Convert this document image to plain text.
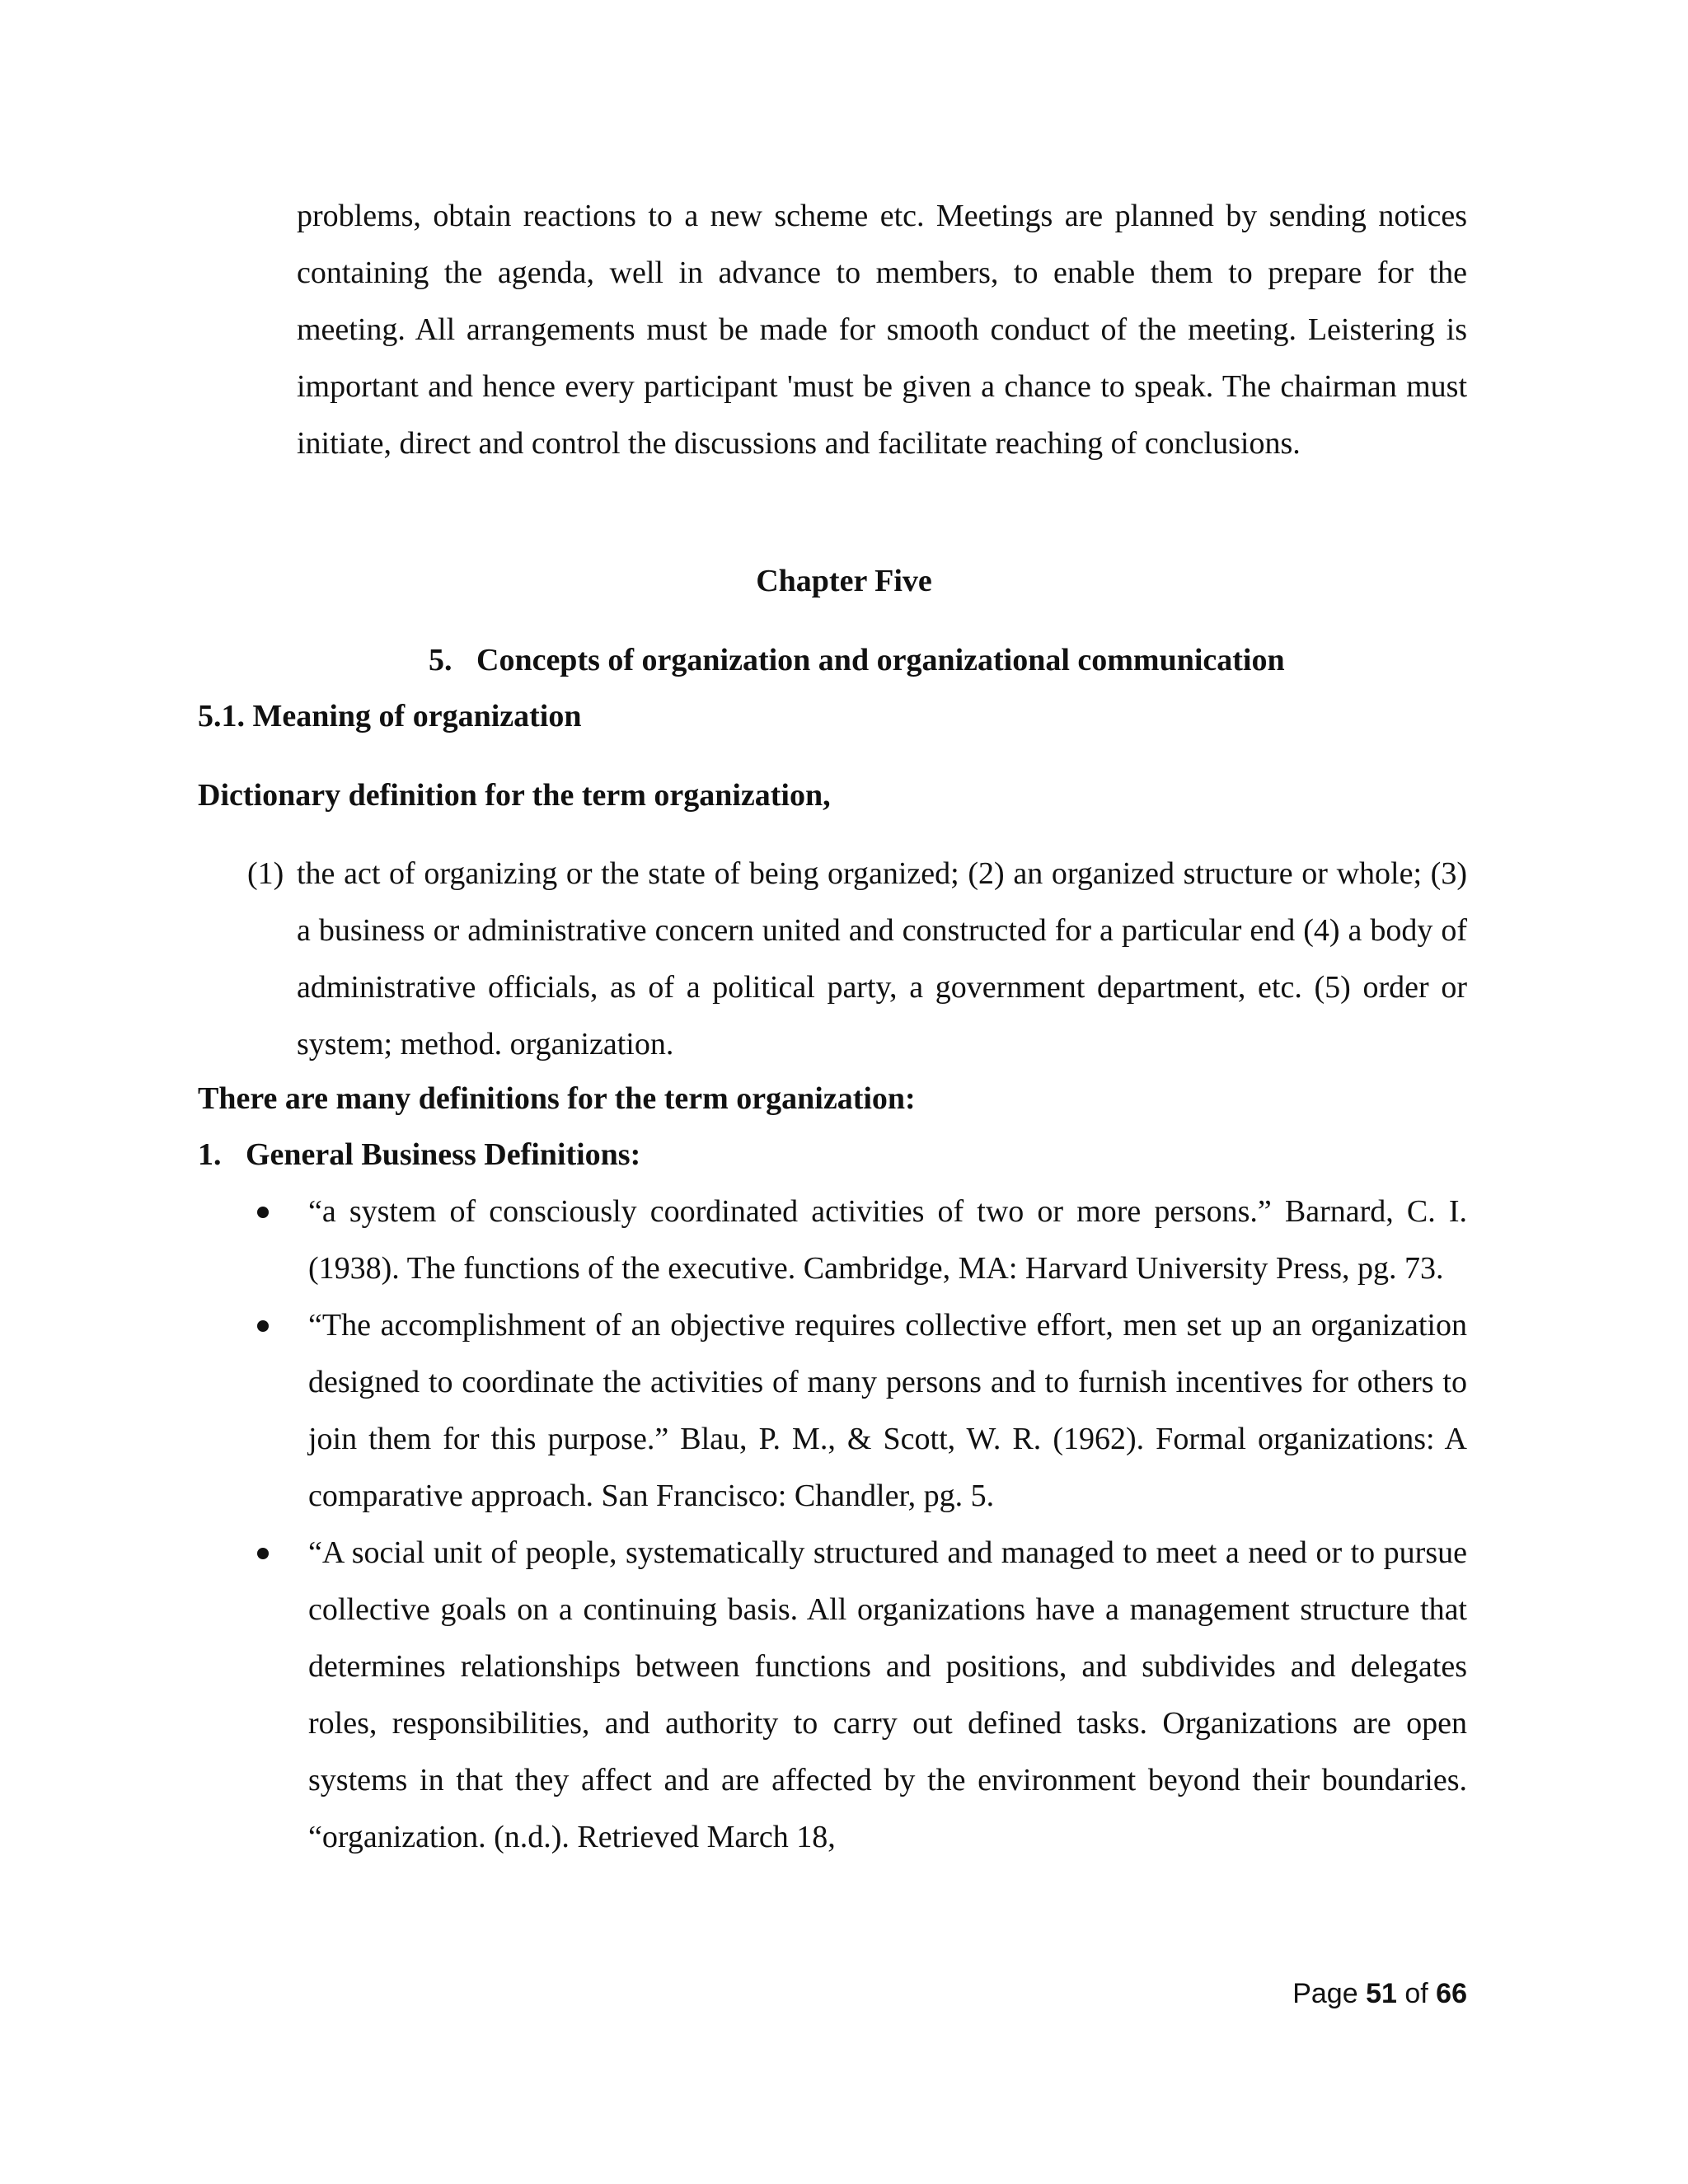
problems, obtain reactions to a new scheme etc. Meetings are planned by sending notices containing the agenda, well in advance to members, to enable them to prepare for the meeting. All arrangements must be made for smooth conduct of the meeting. Leistering is important and hence every participant 'must be given a chance to speak. The chairman must initiate, direct and control the discussions and facilitate reaching of conclusions.

Chapter Five

5. Concepts of organization and organizational communication

5.1. Meaning of organization

Dictionary definition for the term organization,

(1) the act of organizing or the state of being organized; (2) an organized structure or whole; (3) a business or administrative concern united and constructed for a particular end (4) a body of administrative officials, as of a political party, a government department, etc. (5) order or system; method. organization.

There are many definitions for the term organization:

1. General Business Definitions:

“a system of consciously coordinated activities of two or more persons.” Barnard, C. I. (1938). The functions of the executive. Cambridge, MA: Harvard University Press, pg. 73.
“The accomplishment of an objective requires collective effort, men set up an organization designed to coordinate the activities of many persons and to furnish incentives for others to join them for this purpose.” Blau, P. M., & Scott, W. R. (1962). Formal organizations: A comparative approach. San Francisco: Chandler, pg. 5.
“A social unit of people, systematically structured and managed to meet a need or to pursue collective goals on a continuing basis. All organizations have a management structure that determines relationships between functions and positions, and subdivides and delegates roles, responsibilities, and authority to carry out defined tasks. Organizations are open systems in that they affect and are affected by the environment beyond their boundaries. “organization. (n.d.). Retrieved March 18,

Page 51 of 66
